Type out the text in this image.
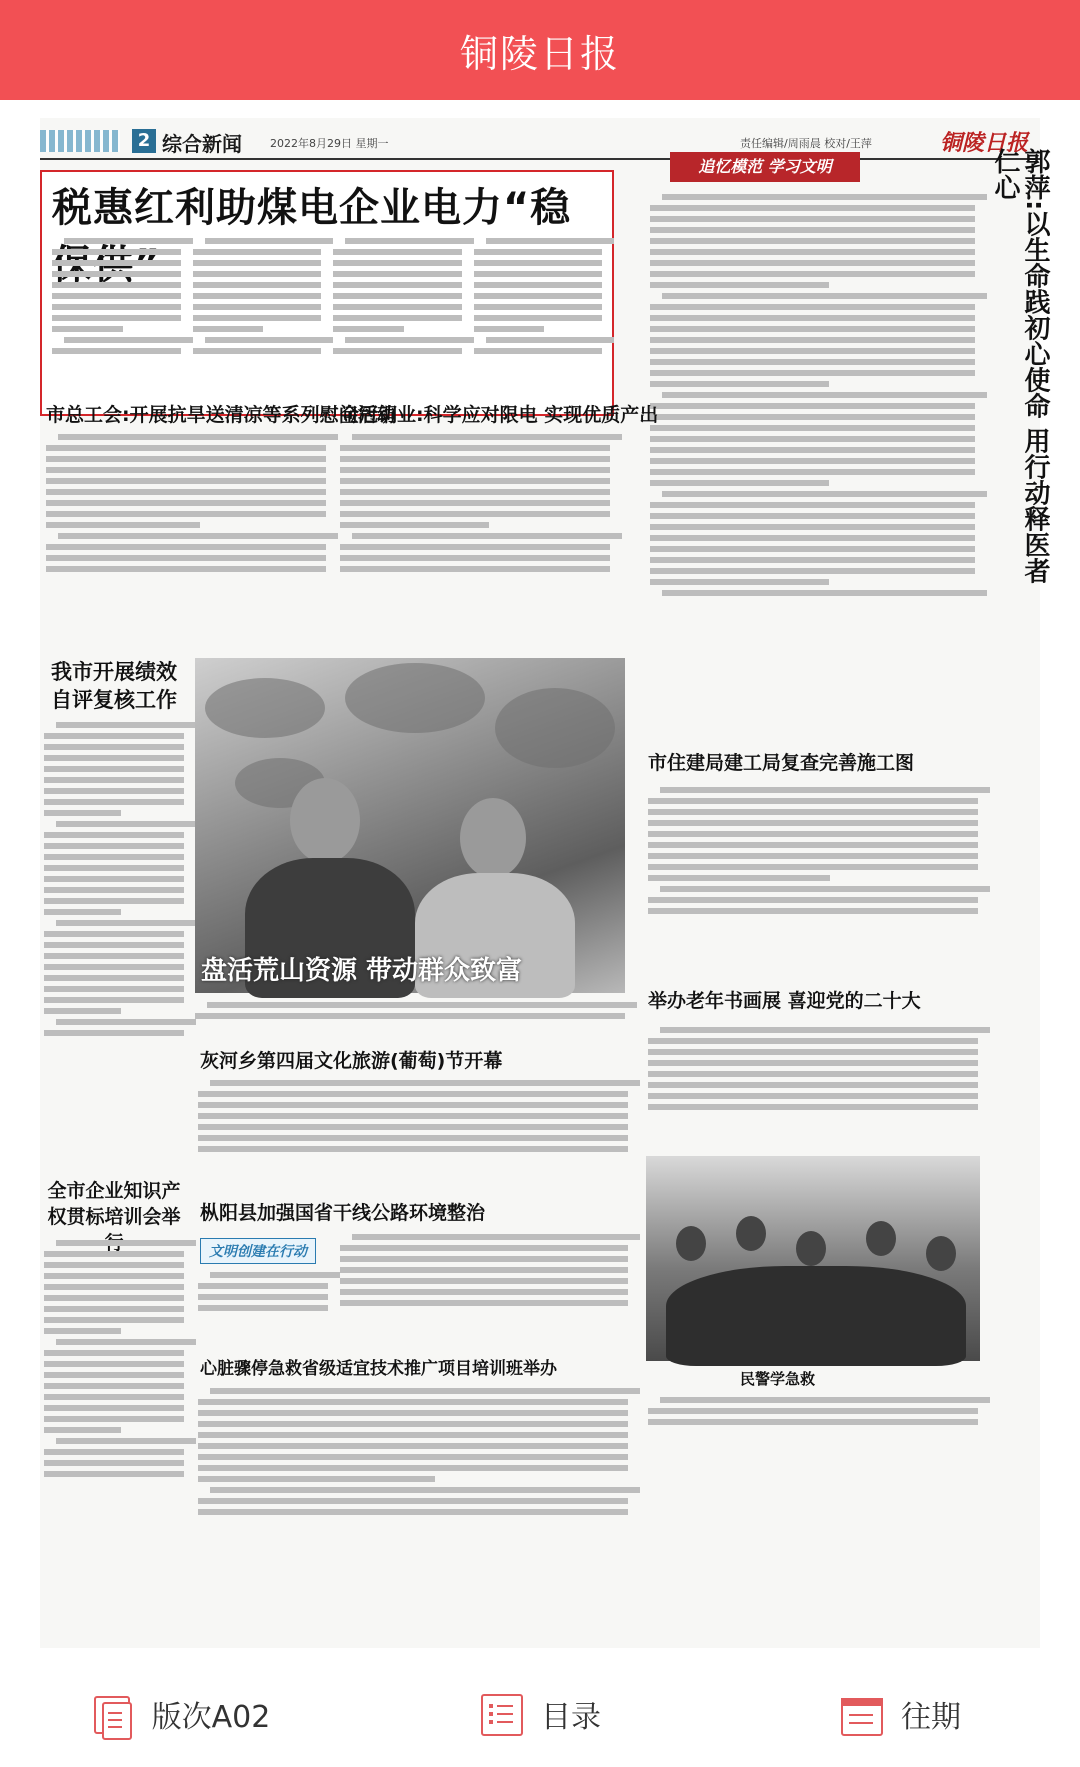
铜陵日报
2 综合新闻	2022年8月29日 星期一	责任编辑/周雨晨 校对/王萍	铜陵日报
税惠红利助煤电企业电力“稳
追忆模范 学习文明	郭萍:以生命践初心使命 用行动释医者仁心
市总工会:开展抗旱送清凉等系列慰问活动
金冠铜业:科学应对限电 实现优质产出
我市开展绩效自评复核工作
盘活荒山资源 带动群众致富
灰河乡第四届文化旅游(葡萄)节开幕
全市企业知识产权贯标培训会举 枞阳县加强国省干线公路环境整治
文明创建在行动
心脏骤停急救省级适宜技术推广项目培训班举办
市住建局建工局复查完善施工图
举办老年书画展 喜迎党的二十大
民警学急救
版次A02	目录	往期
